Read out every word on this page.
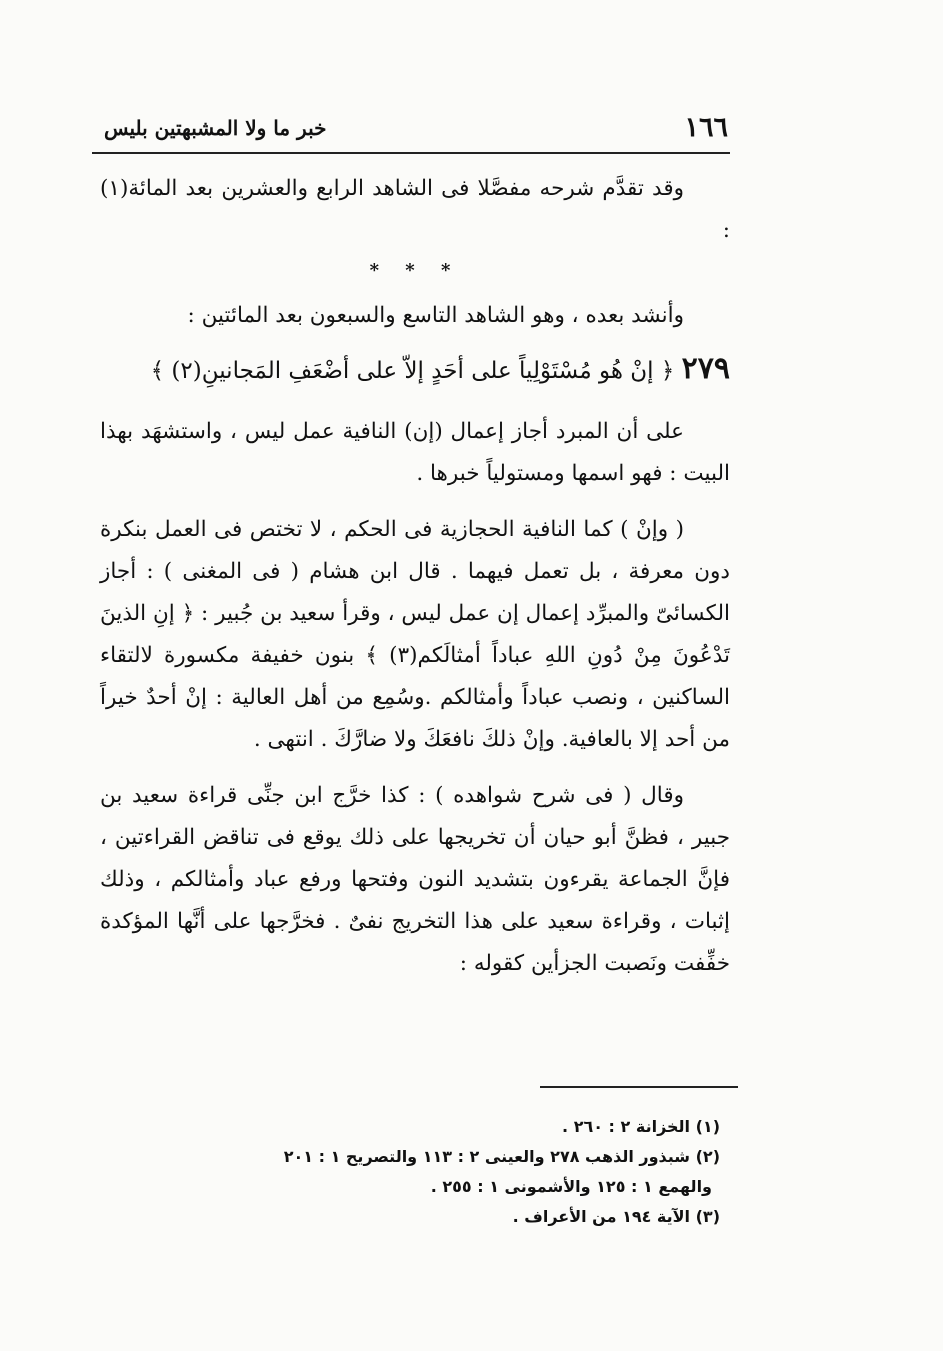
١٦٦
خبر ما ولا المشبهتين بليس

وقد تقدَّم شرحه مفصَّلا فى الشاهد الرابع والعشرين بعد المائة(١) :

* * *

وأنشد بعده ، وهو الشاهد التاسع والسبعون بعد المائتين :

٢٧٩ ﴿ إنْ هُو مُسْتَوْلِياً على أحَدٍ إلاّ على أضْعَفِ المَجانينِ(٢) ﴾

على أن المبرد أجاز إعمال (إن) النافية عمل ليس ، واستشهَد بهذا البيت : فهو اسمها ومستولياً خبرها .

( وإنْ ) كما النافية الحجازية فى الحكم ، لا تختص فى العمل بنكرة دون معرفة ، بل تعمل فيهما . قال ابن هشام ( فى المغنى ) : أجاز الكسائىّ والمبرِّد إعمال إن عمل ليس ، وقرأ سعيد بن جُبير : ﴿ إنِ الذينَ تَدْعُونَ مِنْ دُونِ اللهِ عباداً أمثالَكم(٣) ﴾ بنون خفيفة مكسورة لالتقاء الساكنين ، ونصب عباداً وأمثالكم .وسُمِع من أهل العالية : إنْ أحدٌ خيراً من أحد إلا بالعافية. وإنْ ذلكَ نافعَكَ ولا ضارَّكَ . انتهى .

وقال ( فى شرح شواهده ) : كذا خرَّج ابن جنِّى قراءة سعيد بن جبير ، فظنَّ أبو حيان أن تخريجها على ذلك يوقع فى تناقض القراءتين ، فإنَّ الجماعة يقرءون بتشديد النون وفتحها ورفع عباد وأمثالكم ، وذلك إثبات ، وقراءة سعيد على هذا التخريج نفىٌ . فخرَّجها على أنَّها المؤكدة خفِّفت ونَصبت الجزأين كقوله :

(١) الخزانة ٢ : ٢٦٠ .

(٢) شبذور الذهب ٢٧٨ والعينى ٢ : ١١٣ والتصريح ١ : ٢٠١

والهمع ١ : ١٢٥ والأشمونى ١ : ٢٥٥ .

(٣) الآية ١٩٤ من الأعراف .
